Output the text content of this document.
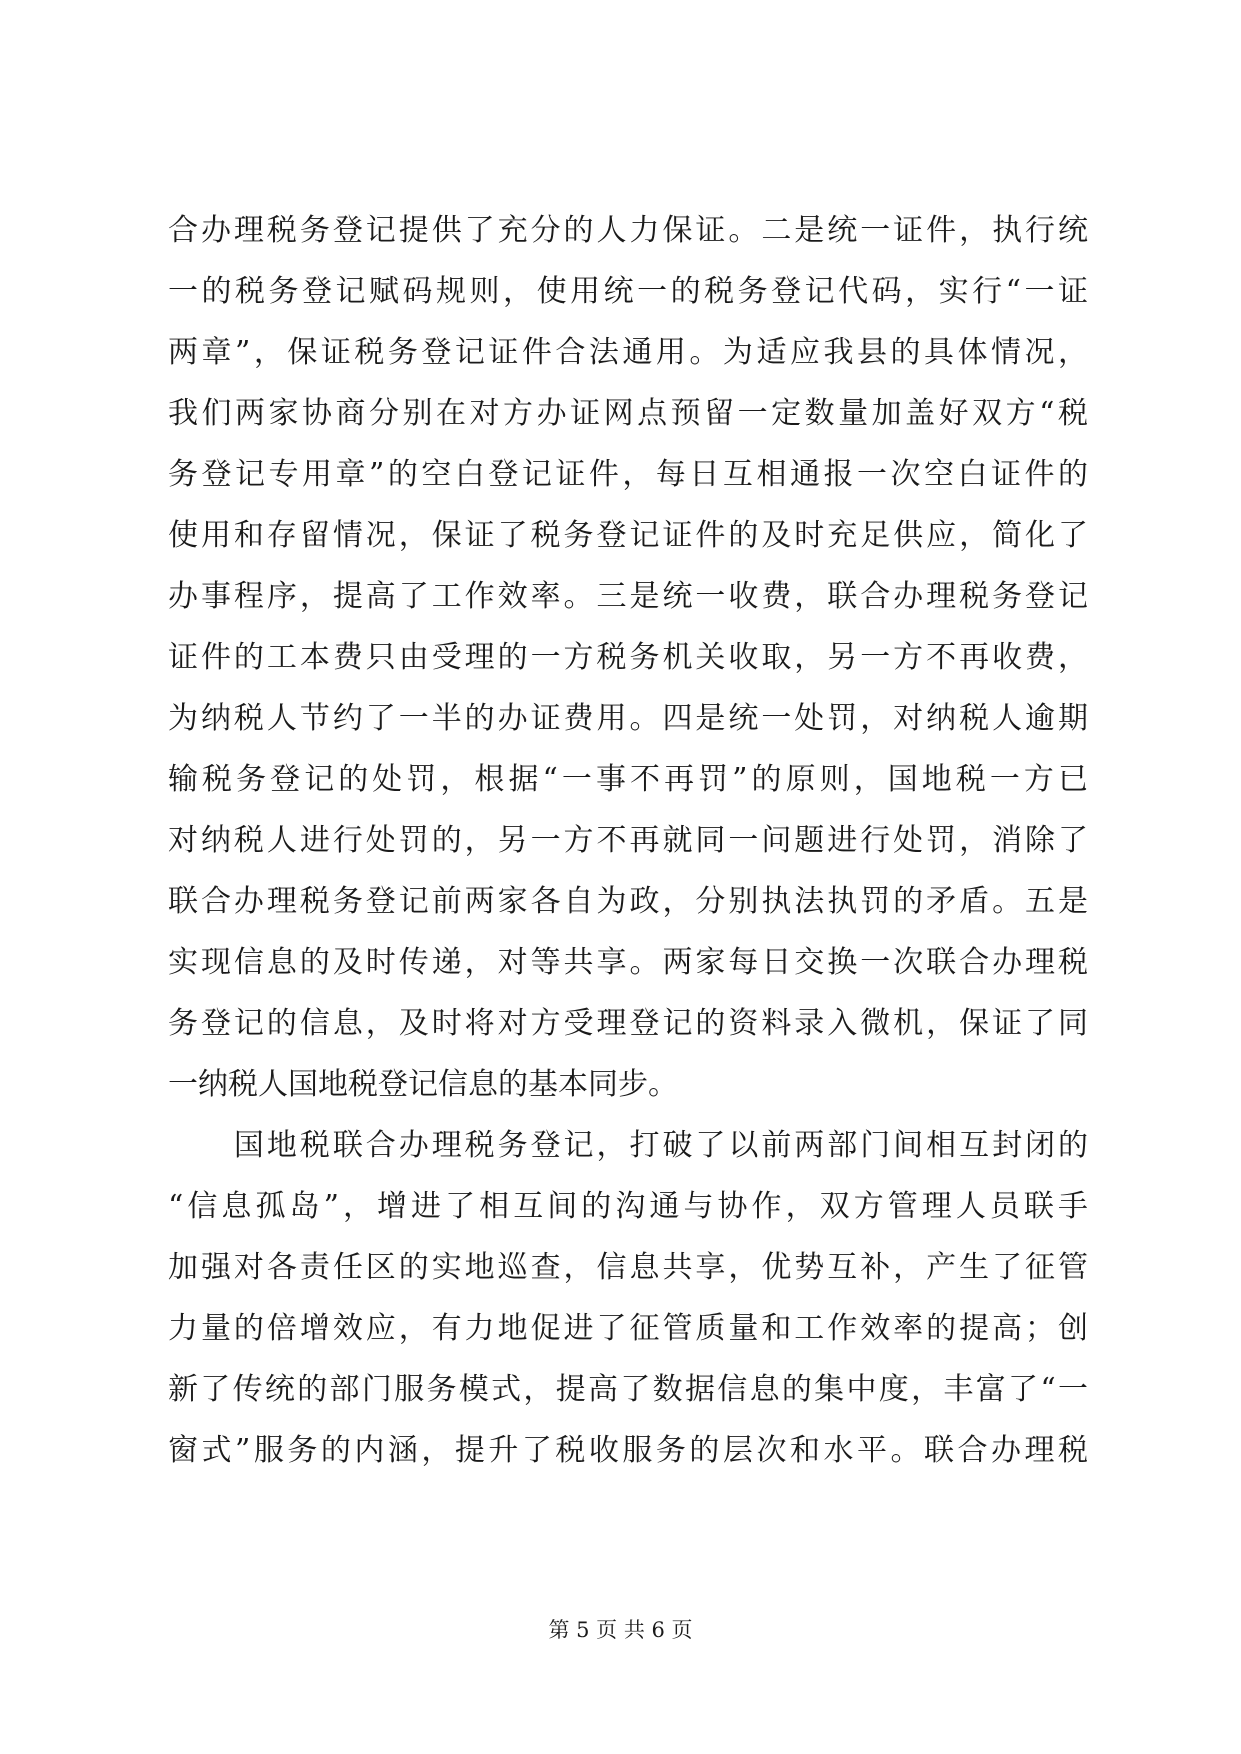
合办理税务登记提供了充分的人力保证。二是统一证件，执行统
一的税务登记赋码规则，使用统一的税务登记代码，实行“一证
两章”，保证税务登记证件合法通用。为适应我县的具体情况，
我们两家协商分别在对方办证网点预留一定数量加盖好双方“税
务登记专用章”的空白登记证件，每日互相通报一次空白证件的
使用和存留情况，保证了税务登记证件的及时充足供应，简化了
办事程序，提高了工作效率。三是统一收费，联合办理税务登记
证件的工本费只由受理的一方税务机关收取，另一方不再收费，
为纳税人节约了一半的办证费用。四是统一处罚，对纳税人逾期
输税务登记的处罚，根据“一事不再罚”的原则，国地税一方已
对纳税人进行处罚的，另一方不再就同一问题进行处罚，消除了
联合办理税务登记前两家各自为政，分别执法执罚的矛盾。五是
实现信息的及时传递，对等共享。两家每日交换一次联合办理税
务登记的信息，及时将对方受理登记的资料录入微机，保证了同
一纳税人国地税登记信息的基本同步。
　　国地税联合办理税务登记，打破了以前两部门间相互封闭的
“信息孤岛”，增进了相互间的沟通与协作，双方管理人员联手
加强对各责任区的实地巡查，信息共享，优势互补，产生了征管
力量的倍增效应，有力地促进了征管质量和工作效率的提高；创
新了传统的部门服务模式，提高了数据信息的集中度，丰富了“一
窗式”服务的内涵，提升了税收服务的层次和水平。联合办理税
第 5 页 共 6 页
